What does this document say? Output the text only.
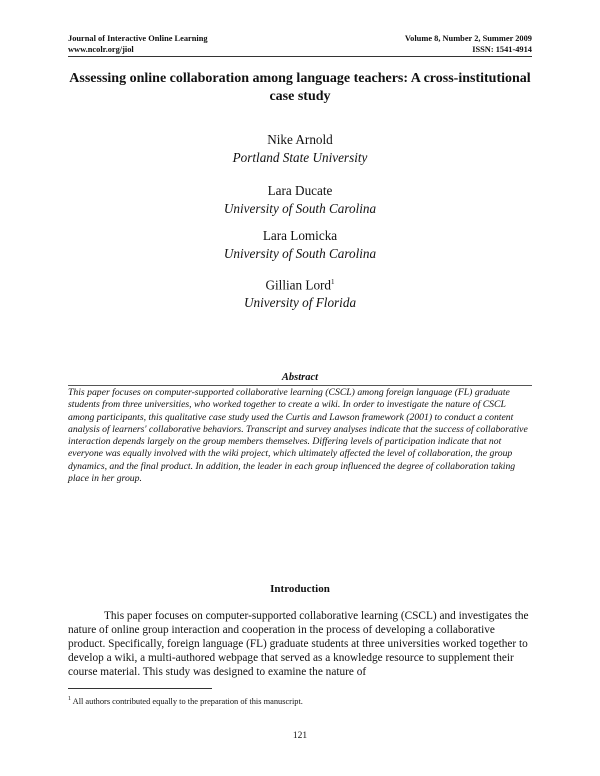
Journal of Interactive Online Learning
www.ncolr.org/jiol
Volume 8, Number 2, Summer 2009
ISSN: 1541-4914
Assessing online collaboration among language teachers: A cross-institutional case study
Nike Arnold
Portland State University
Lara Ducate
University of South Carolina
Lara Lomicka
University of South Carolina
Gillian Lord$^1$
University of Florida
Abstract
This paper focuses on computer-supported collaborative learning (CSCL) among foreign language (FL) graduate students from three universities, who worked together to create a wiki. In order to investigate the nature of CSCL among participants, this qualitative case study used the Curtis and Lawson framework (2001) to conduct a content analysis of learners' collaborative behaviors. Transcript and survey analyses indicate that the success of collaborative interaction depends largely on the group members themselves. Differing levels of participation indicate that not everyone was equally involved with the wiki project, which ultimately affected the level of collaboration, the group dynamics, and the final product. In addition, the leader in each group influenced the degree of collaboration taking place in her group.
Introduction
This paper focuses on computer-supported collaborative learning (CSCL) and investigates the nature of online group interaction and cooperation in the process of developing a collaborative product. Specifically, foreign language (FL) graduate students at three universities worked together to develop a wiki, a multi-authored webpage that served as a knowledge resource to supplement their course material. This study was designed to examine the nature of
$^1$ All authors contributed equally to the preparation of this manuscript.
121
